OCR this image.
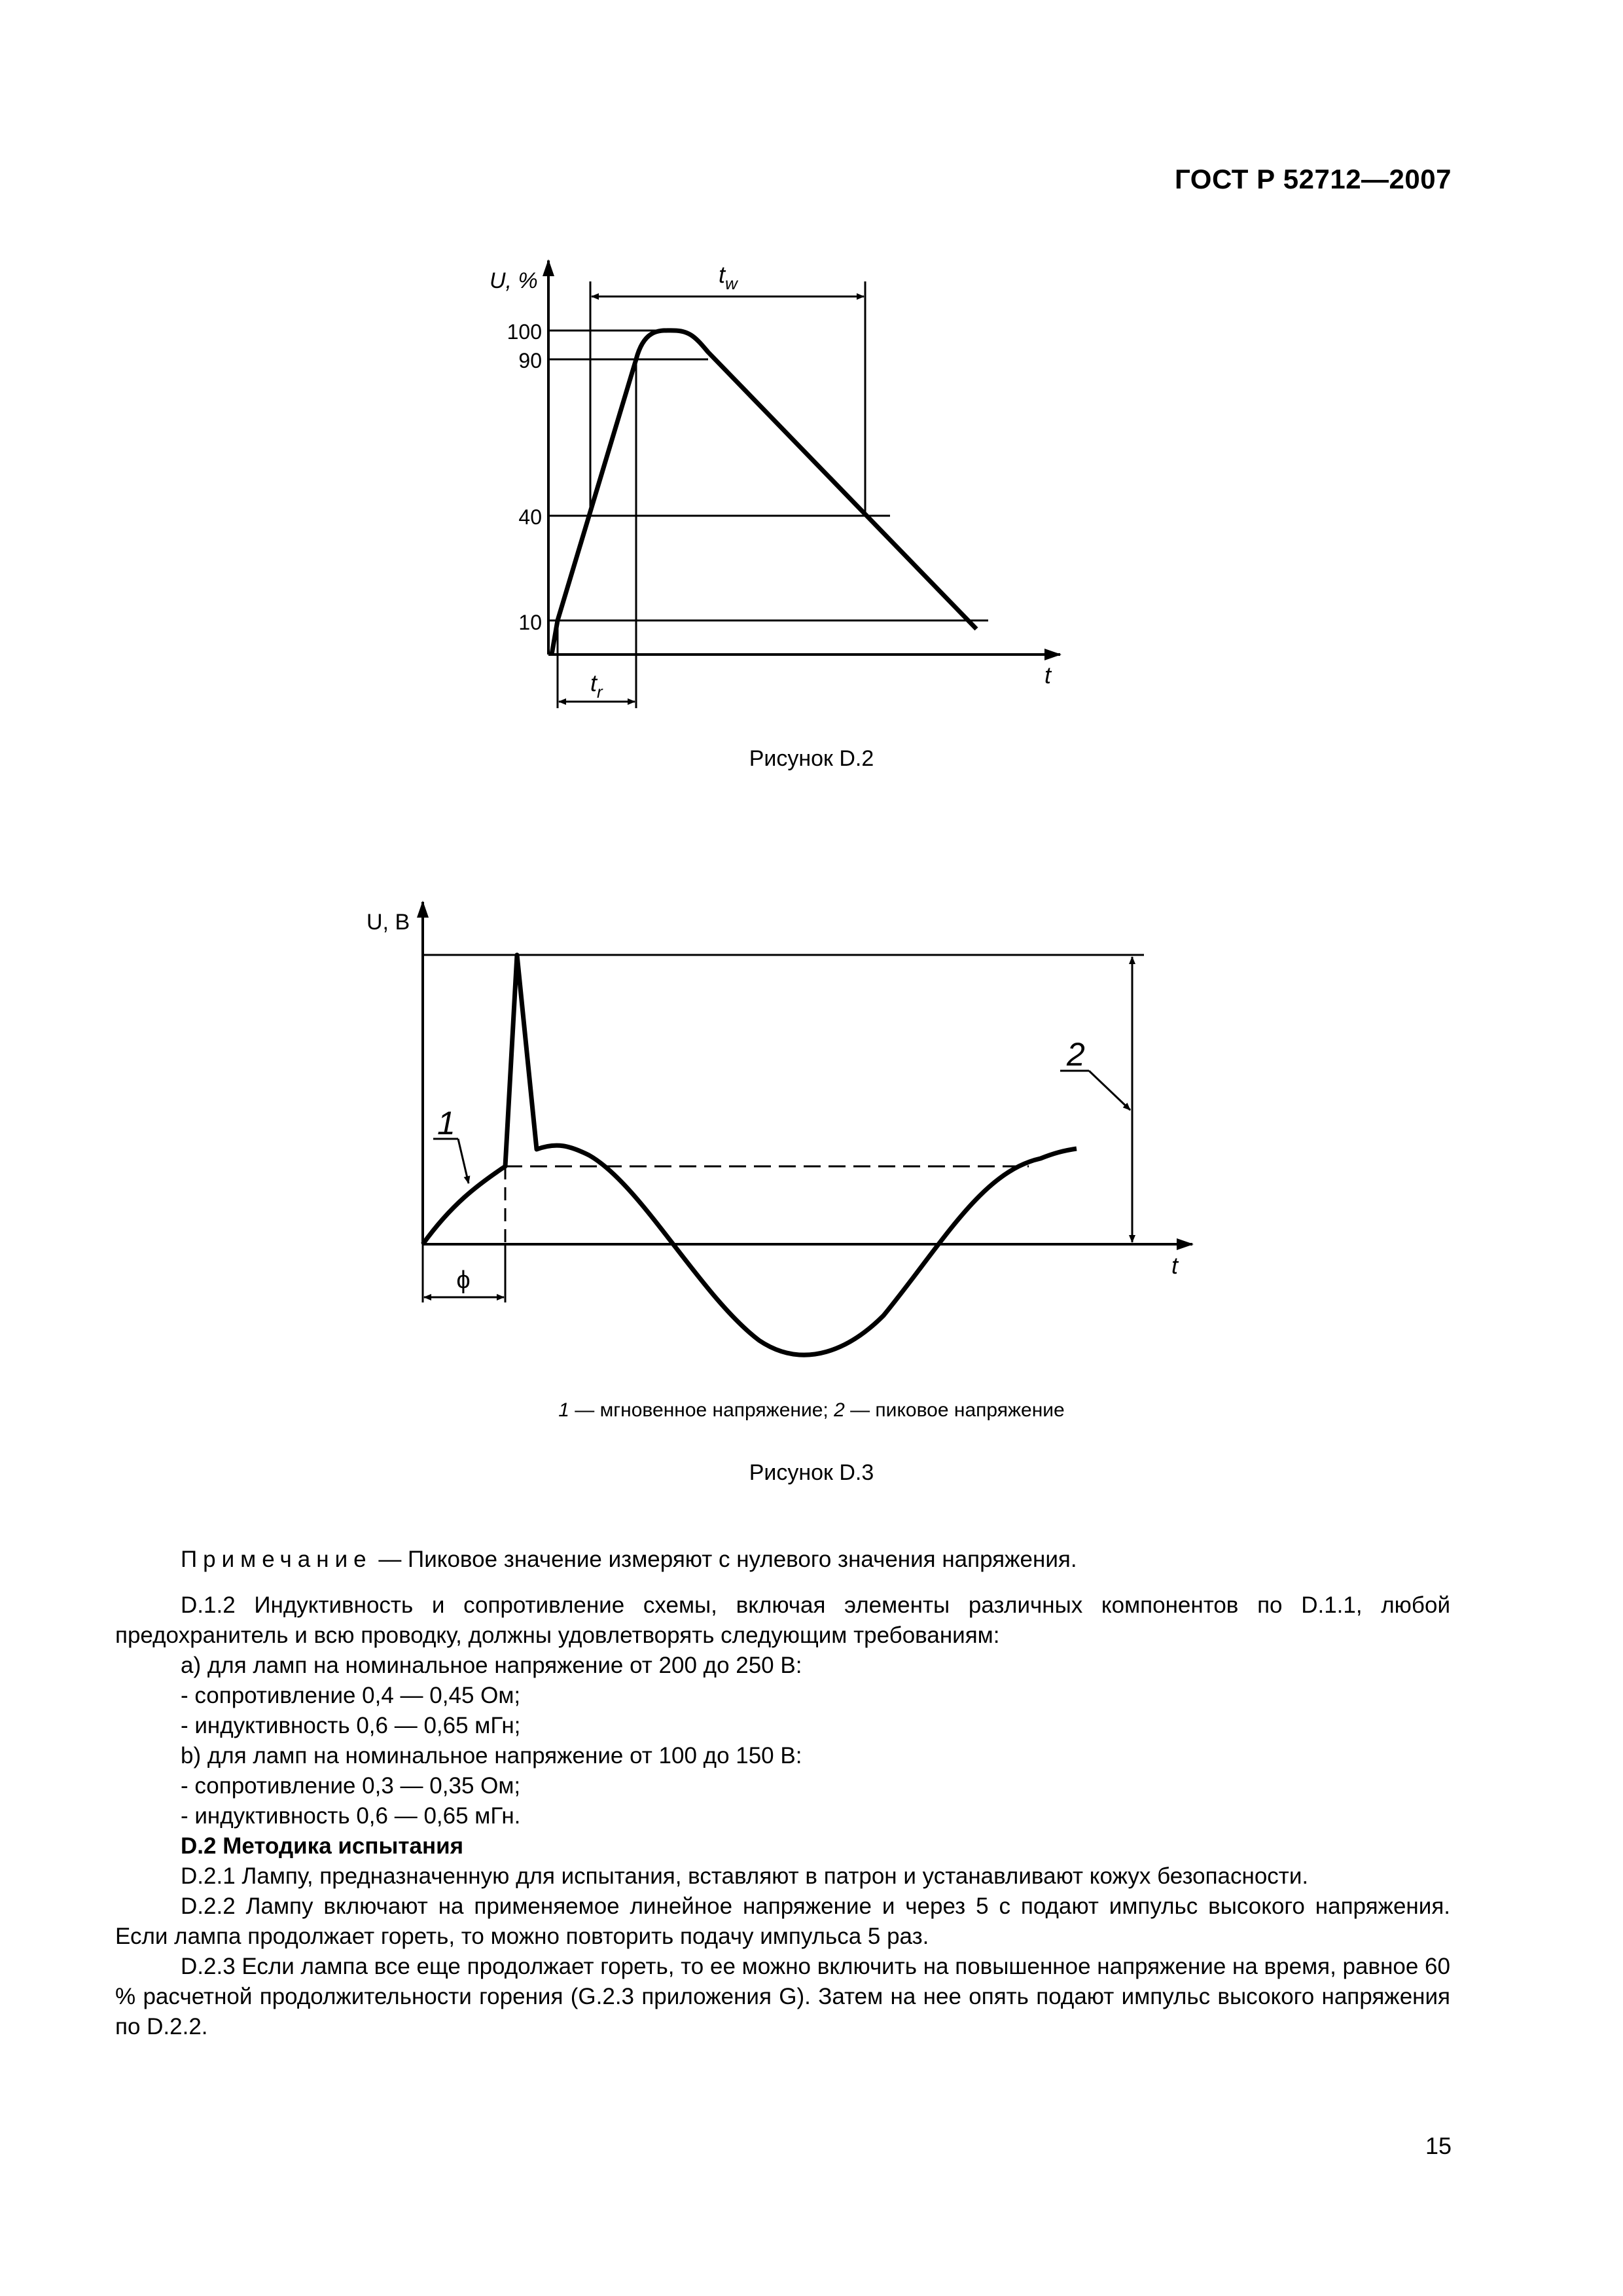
ГОСТ Р 52712—2007
U, %
t
100
90
40
10
$t_w$
$t_r$
Рисунок D.2
U, В
t
ϕ
1
2
1 — мгновенное напряжение; 2 — пиковое напряжение
Рисунок D.3

Примечание — Пиковое значение измеряют с нулевого значения напряжения.

D.1.2 Индуктивность и сопротивление схемы, включая элементы различных компонентов по D.1.1, любой предохранитель и всю проводку, должны удовлетворять следующим требованиям:

а) для ламп на номинальное напряжение от 200 до 250 В:

- сопротивление 0,4 — 0,45 Ом;

- индуктивность 0,6 — 0,65 мГн;

b) для ламп на номинальное напряжение от 100 до 150 В:

- сопротивление 0,3 — 0,35 Ом;

- индуктивность 0,6 — 0,65 мГн.

D.2 Методика испытания

D.2.1 Лампу, предназначенную для испытания, вставляют в патрон и устанавливают кожух безопасности.

D.2.2 Лампу включают на применяемое линейное напряжение и через 5 с подают импульс высокого напряжения. Если лампа продолжает гореть, то можно повторить подачу импульса 5 раз.

D.2.3 Если лампа все еще продолжает гореть, то ее можно включить на повышенное напряжение на время, равное 60 % расчетной продолжительности горения (G.2.3 приложения G). Затем на нее опять подают импульс высокого напряжения по D.2.2.

15
